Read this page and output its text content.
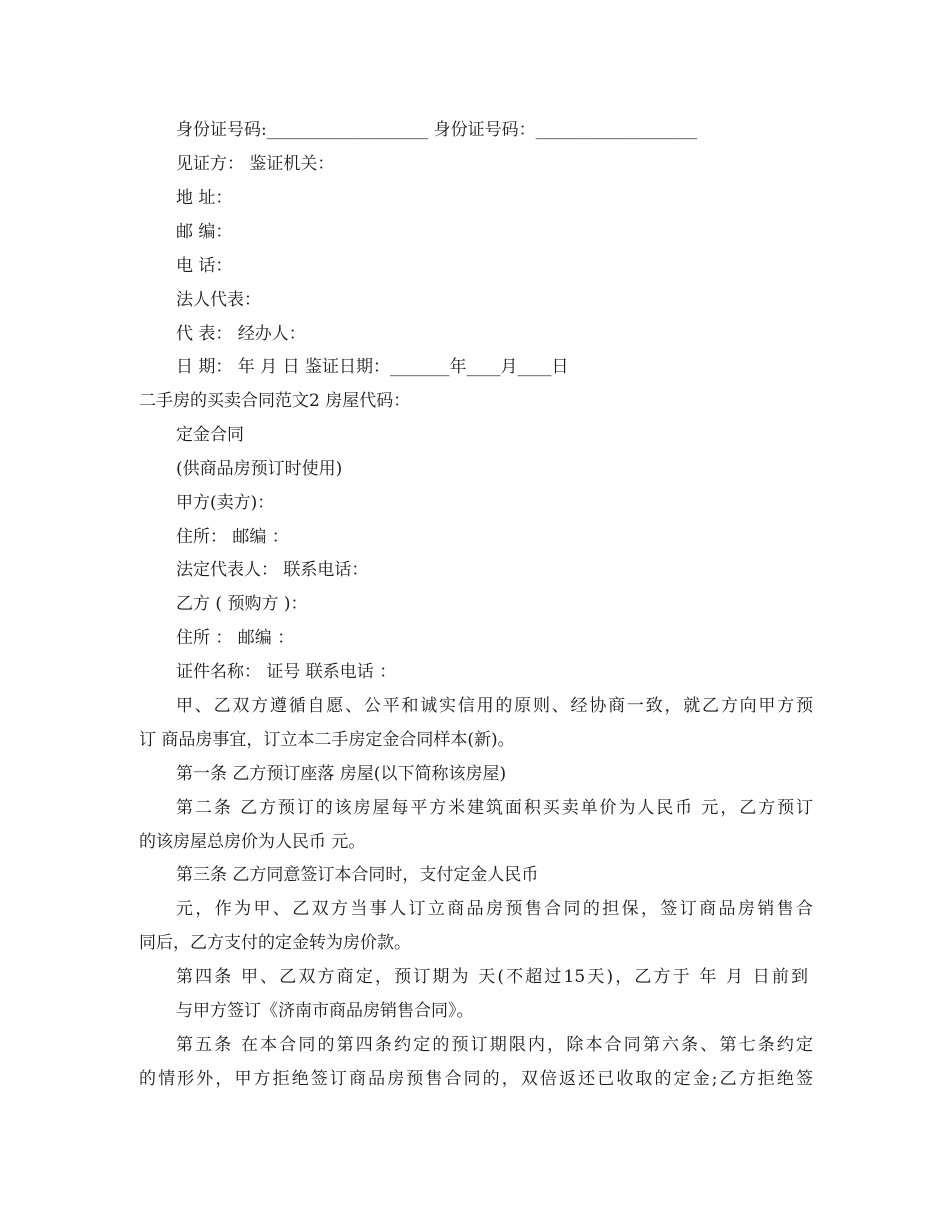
身份证号码:___________________ 身份证号码：___________________
见证方： 鉴证机关：
地 址：
邮 编：
电 话：
法人代表：
代 表： 经办人：
日 期： 年 月 日 鉴证日期：_______年____月____日
二手房的买卖合同范文2 房屋代码：
定金合同
(供商品房预订时使用)
甲方(卖方)：
住所： 邮编 ：
法定代表人： 联系电话：
乙方 ( 预购方 )：
住所 ： 邮编 ：
证件名称： 证号 联系电话 ：
甲、乙双方遵循自愿、公平和诚实信用的原则、经协商一致，就乙方向甲方预
订 商品房事宜，订立本二手房定金合同样本(新)。
第一条 乙方预订座落 房屋(以下简称该房屋)
第二条 乙方预订的该房屋每平方米建筑面积买卖单价为人民币 元，乙方预订
的该房屋总房价为人民币 元。
第三条 乙方同意签订本合同时，支付定金人民币
元，作为甲、乙双方当事人订立商品房预售合同的担保，签订商品房销售合
同后，乙方支付的定金转为房价款。
第四条 甲、乙双方商定，预订期为 天(不超过15天)，乙方于 年 月 日前到
与甲方签订《济南市商品房销售合同》。
第五条 在本合同的第四条约定的预订期限内，除本合同第六条、第七条约定
的情形外，甲方拒绝签订商品房预售合同的，双倍返还已收取的定金;乙方拒绝签
